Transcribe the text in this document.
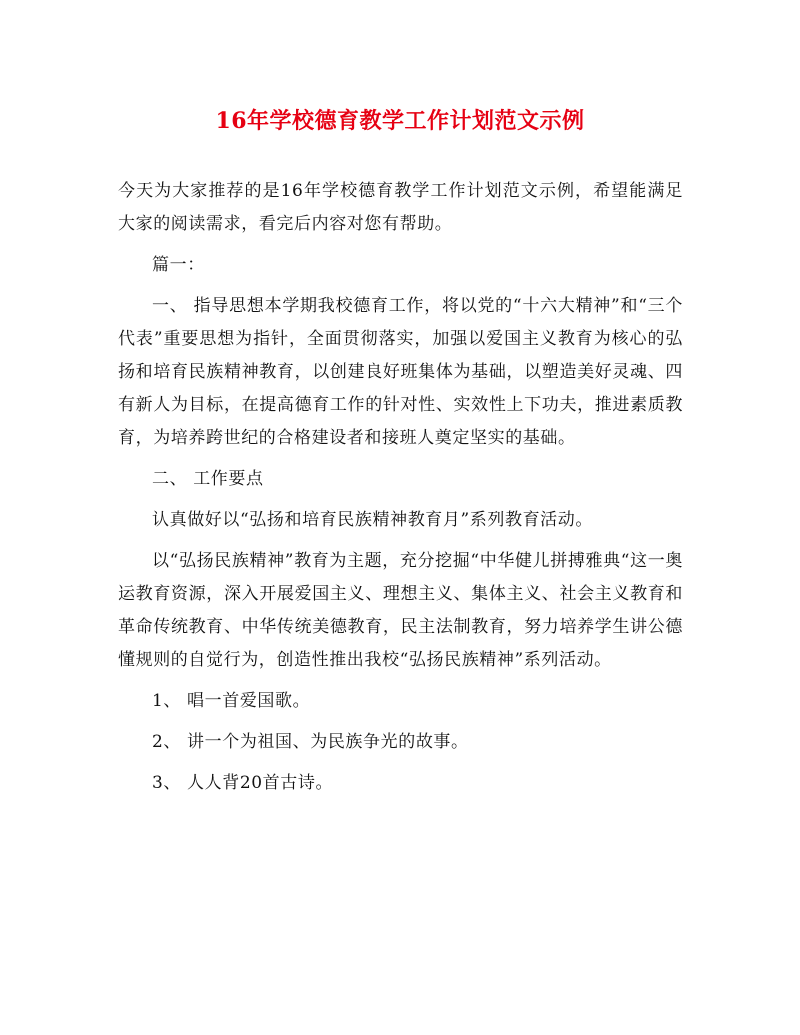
16年学校德育教学工作计划范文示例

今天为大家推荐的是16年学校德育教学工作计划范文示例，希望能满足大家的阅读需求，看完后内容对您有帮助。

篇一：

一、 指导思想本学期我校德育工作，将以党的“十六大精神”和“三个代表”重要思想为指针，全面贯彻落实，加强以爱国主义教育为核心的弘扬和培育民族精神教育，以创建良好班集体为基础，以塑造美好灵魂、四有新人为目标，在提高德育工作的针对性、实效性上下功夫，推进素质教育，为培养跨世纪的合格建设者和接班人奠定坚实的基础。

二、 工作要点

认真做好以“弘扬和培育民族精神教育月”系列教育活动。

以“弘扬民族精神”教育为主题，充分挖掘“中华健儿拼搏雅典“这一奥运教育资源，深入开展爱国主义、理想主义、集体主义、社会主义教育和革命传统教育、中华传统美德教育，民主法制教育，努力培养学生讲公德懂规则的自觉行为，创造性推出我校“弘扬民族精神”系列活动。

1、 唱一首爱国歌。

2、 讲一个为祖国、为民族争光的故事。

3、 人人背20首古诗。
